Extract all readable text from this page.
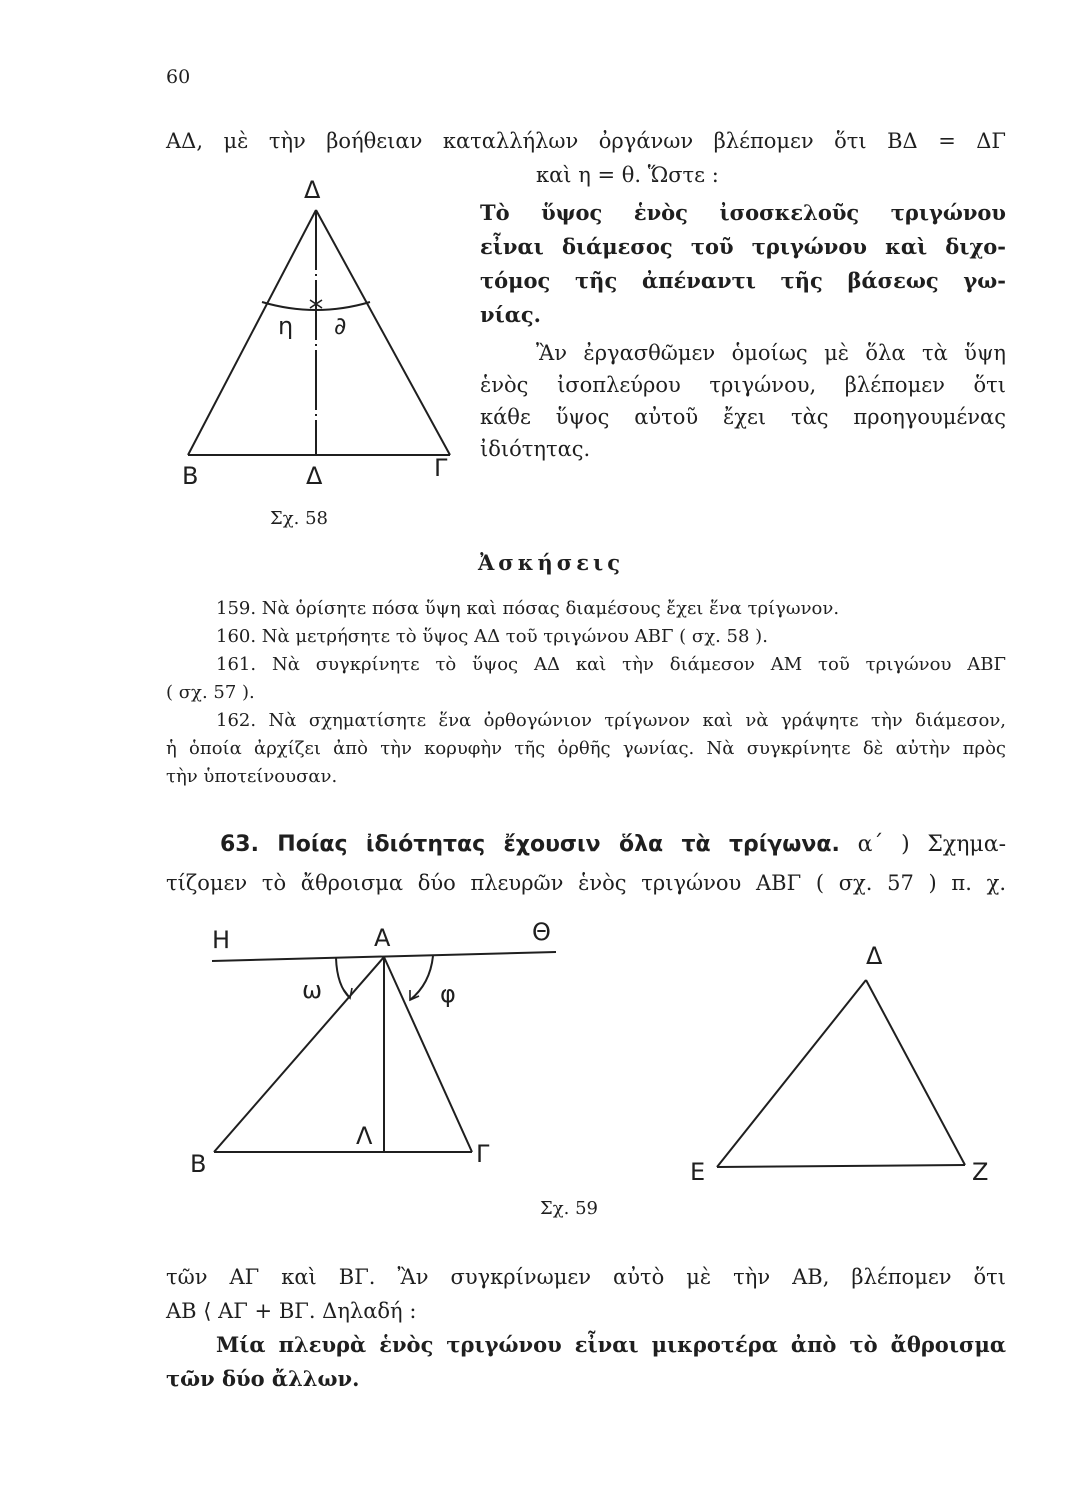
60
ΑΔ, μὲ τὴν βοήθειαν καταλλήλων ὀργάνων βλέπομεν ὅτι ΒΔ = ΔΓ
καὶ η = θ. Ὥστε :
Τὸ ὕψος ἑνὸς ἰσοσκελοῦς τριγώνου
εἶναι διάμεσος τοῦ τριγώνου καὶ διχο-
τόμος τῆς ἀπέναντι τῆς βάσεως γω-
νίας.
Ἂν ἐργασθῶμεν ὁμοίως μὲ ὅλα τὰ ὕψη
ἑνὸς ἰσοπλεύρου τριγώνου, βλέπομεν ὅτι
κάθε ὕψος αὐτοῦ ἔχει τὰς προηγουμένας
ἰδιότητας.
Δ
Β	Δ	Γ
η ∂
Σχ. 58
Ἀσκήσεις
159. Νὰ ὁρίσητε πόσα ὕψη καὶ πόσας διαμέσους ἔχει ἕνα τρίγωνον.
160. Νὰ μετρήσητε τὸ ὕψος ΑΔ τοῦ τριγώνου ΑΒΓ ( σχ. 58 ).
161. Νὰ συγκρίνητε τὸ ὕψος ΑΔ καὶ τὴν διάμεσον ΑΜ τοῦ τριγώνου ΑΒΓ
( σχ. 57 ).
162. Νὰ σχηματίσητε ἕνα ὀρθογώνιον τρίγωνον καὶ νὰ γράψητε τὴν διάμεσον,
ἡ ὁποία ἀρχίζει ἀπὸ τὴν κορυφὴν τῆς ὀρθῆς γωνίας. Νὰ συγκρίνητε δὲ αὐτὴν πρὸς
τὴν ὑποτείνουσαν.
63. Ποίας ἰδιότητας ἔχουσιν ὅλα τὰ τρίγωνα. α΄ ) Σχημα-
τίζομεν τὸ ἄθροισμα δύο πλευρῶν ἑνὸς τριγώνου ΑΒΓ ( σχ. 57 ) π. χ.
Η	Α	Θ
ω	φ
Β
Λ
Γ
Δ
Ε	Ζ
Σχ. 59
τῶν ΑΓ καὶ ΒΓ. Ἂν συγκρίνωμεν αὐτὸ μὲ τὴν ΑΒ, βλέπομεν ὅτι
ΑΒ ⟨ ΑΓ + ΒΓ. Δηλαδή :
Μία πλευρὰ ἑνὸς τριγώνου εἶναι μικροτέρα ἀπὸ τὸ ἄθροισμα
τῶν δύο ἄλλων.
